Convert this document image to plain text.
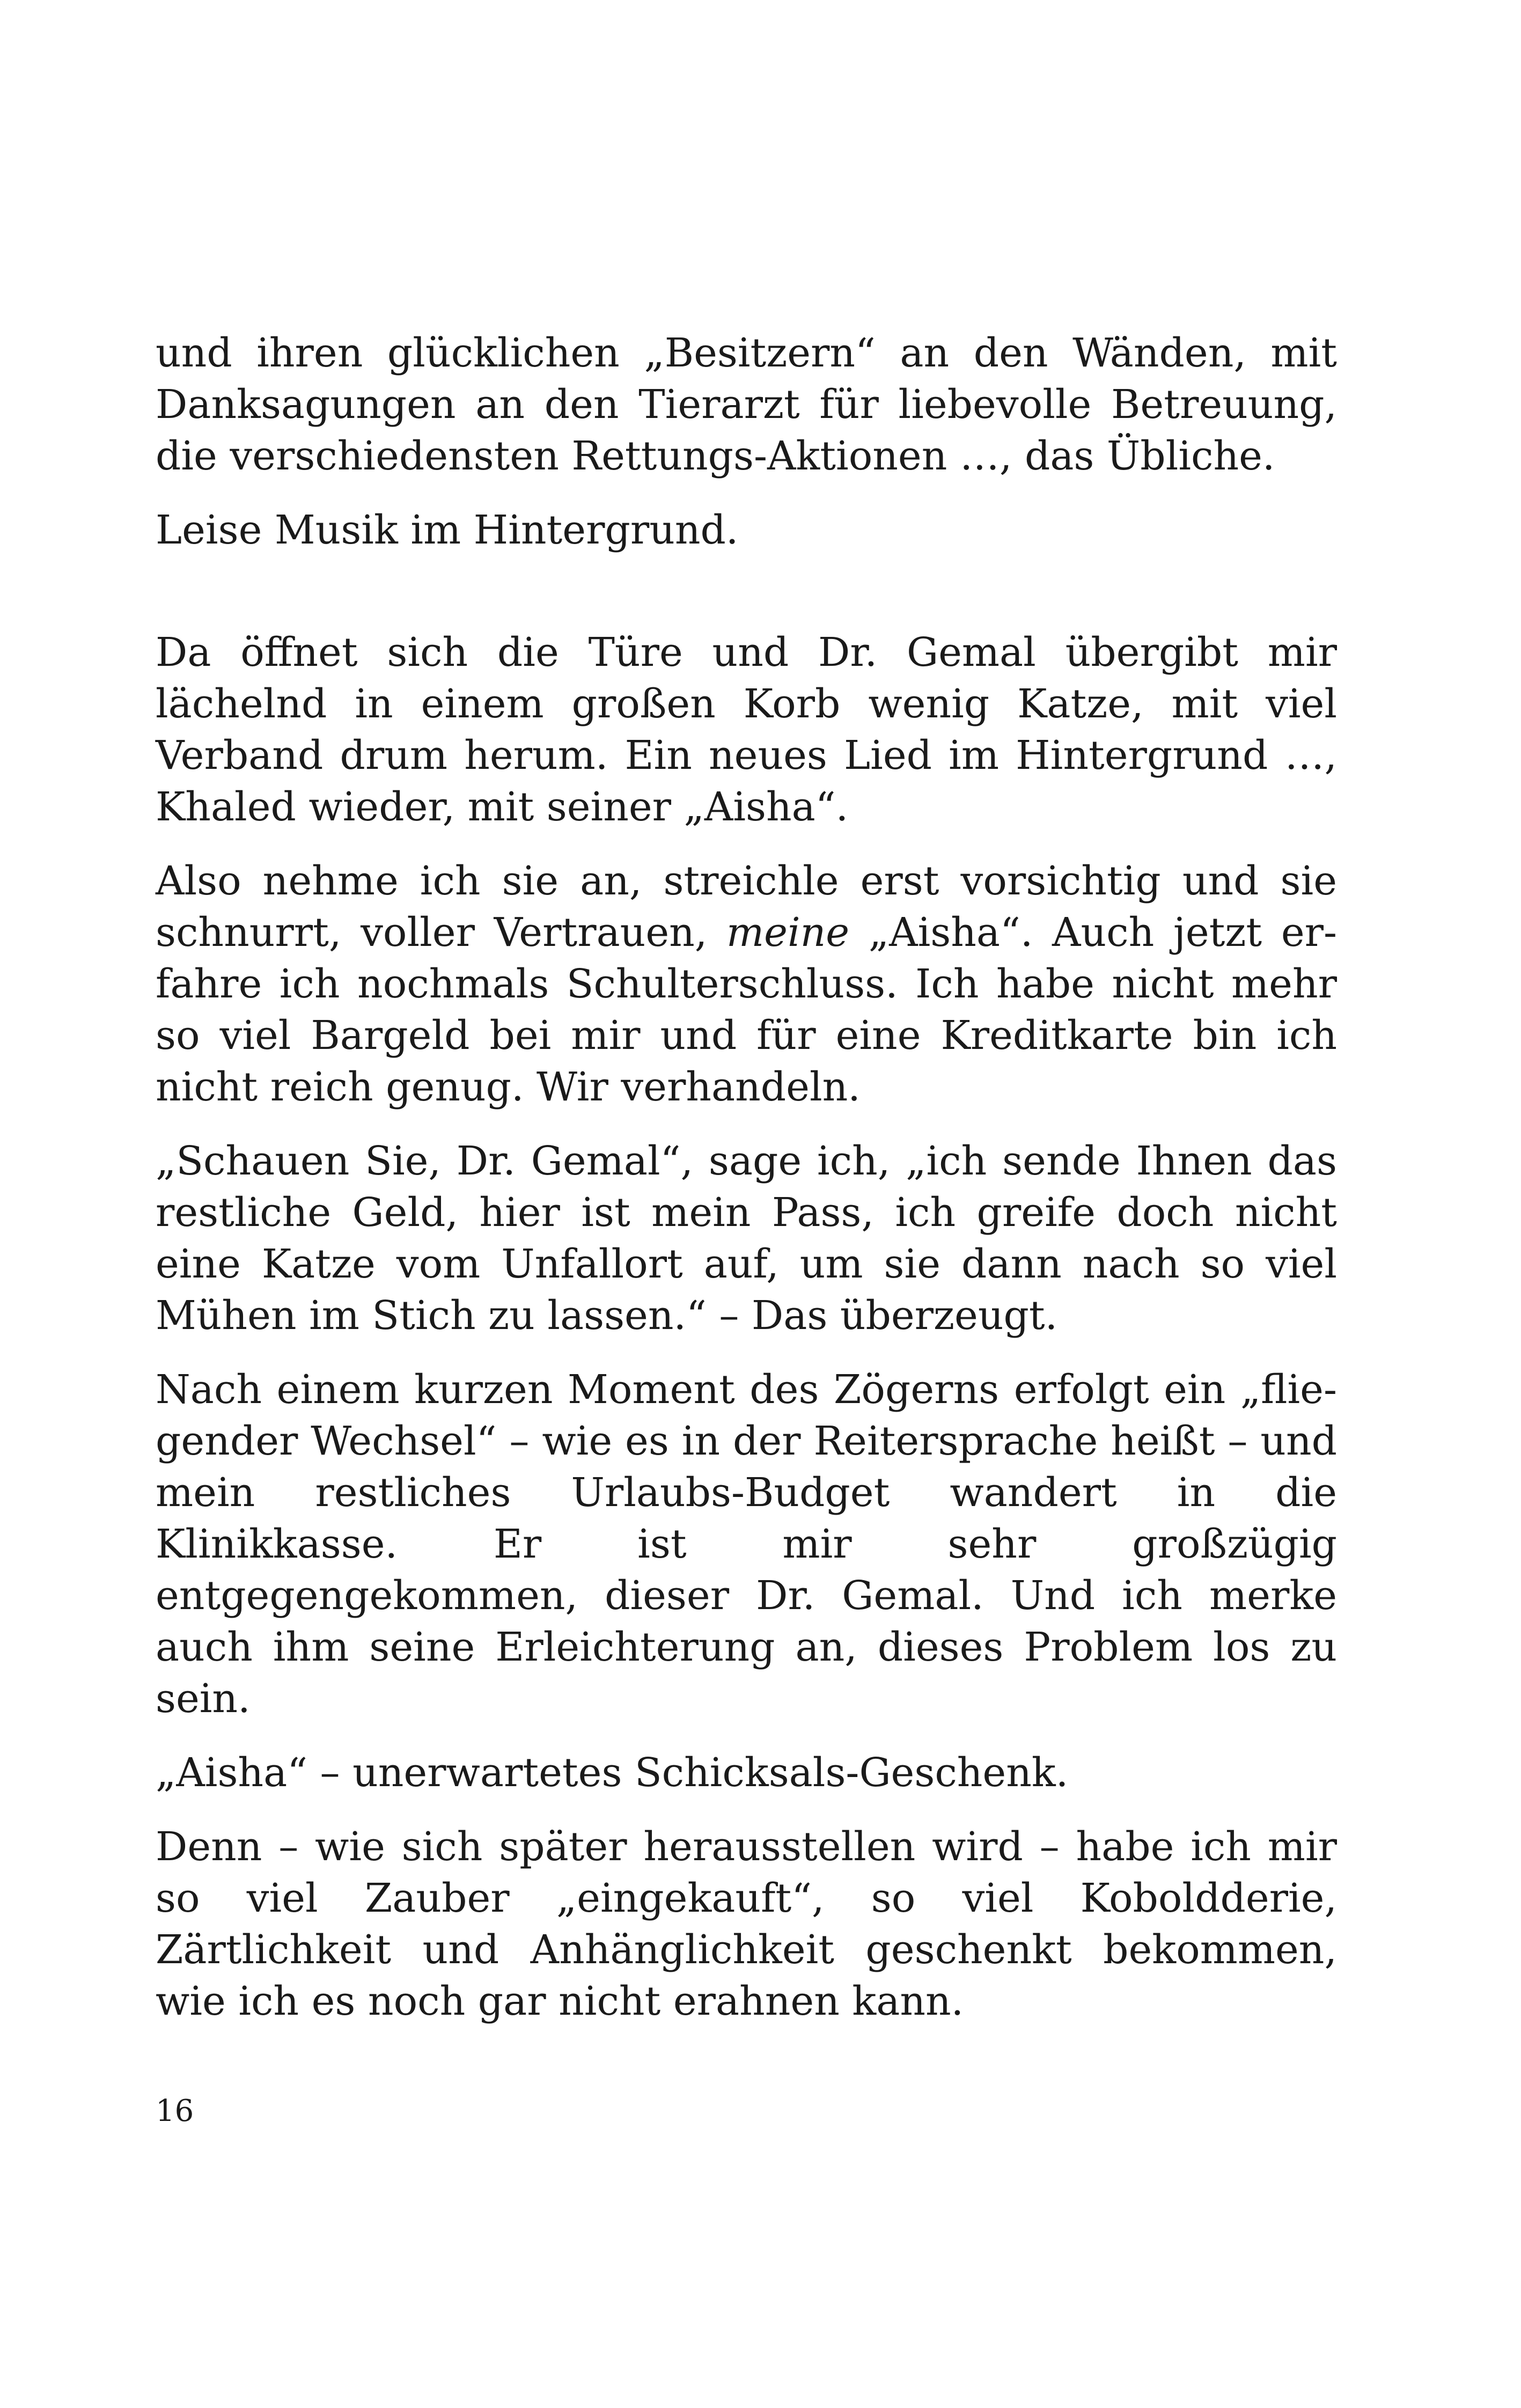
und ihren glücklichen „Besitzern“ an den Wänden, mit Danksagungen an den Tierarzt für liebevolle Betreuung, die verschiedensten Rettungs-Aktionen …, das Übliche.

Leise Musik im Hintergrund.

Da öffnet sich die Türe und Dr. Gemal übergibt mir lächelnd in einem großen Korb wenig Katze, mit viel Verband drum herum. Ein neues Lied im Hintergrund …, Khaled wieder, mit seiner „Aisha“.

Also nehme ich sie an, streichle erst vorsichtig und sie schnurrt, voller Vertrauen, meine „Aisha“. Auch jetzt erfahre ich nochmals Schulterschluss. Ich habe nicht mehr so viel Bargeld bei mir und für eine Kreditkarte bin ich nicht reich genug. Wir verhandeln.

„Schauen Sie, Dr. Gemal“, sage ich, „ich sende Ihnen das restliche Geld, hier ist mein Pass, ich greife doch nicht eine Katze vom Unfallort auf, um sie dann nach so viel Mühen im Stich zu lassen.“ – Das überzeugt.

Nach einem kurzen Moment des Zögerns erfolgt ein „fliegender Wechsel“ – wie es in der Reitersprache heißt – und mein restliches Urlaubs-Budget wandert in die Klinikkasse. Er ist mir sehr großzügig entgegengekommen, dieser Dr. Gemal. Und ich merke auch ihm seine Erleichterung an, dieses Problem los zu sein.

„Aisha“ – unerwartetes Schicksals-Geschenk.

Denn – wie sich später herausstellen wird – habe ich mir so viel Zauber „eingekauft“, so viel Koboldderie, Zärtlichkeit und Anhänglichkeit geschenkt bekommen, wie ich es noch gar nicht erahnen kann.

16
